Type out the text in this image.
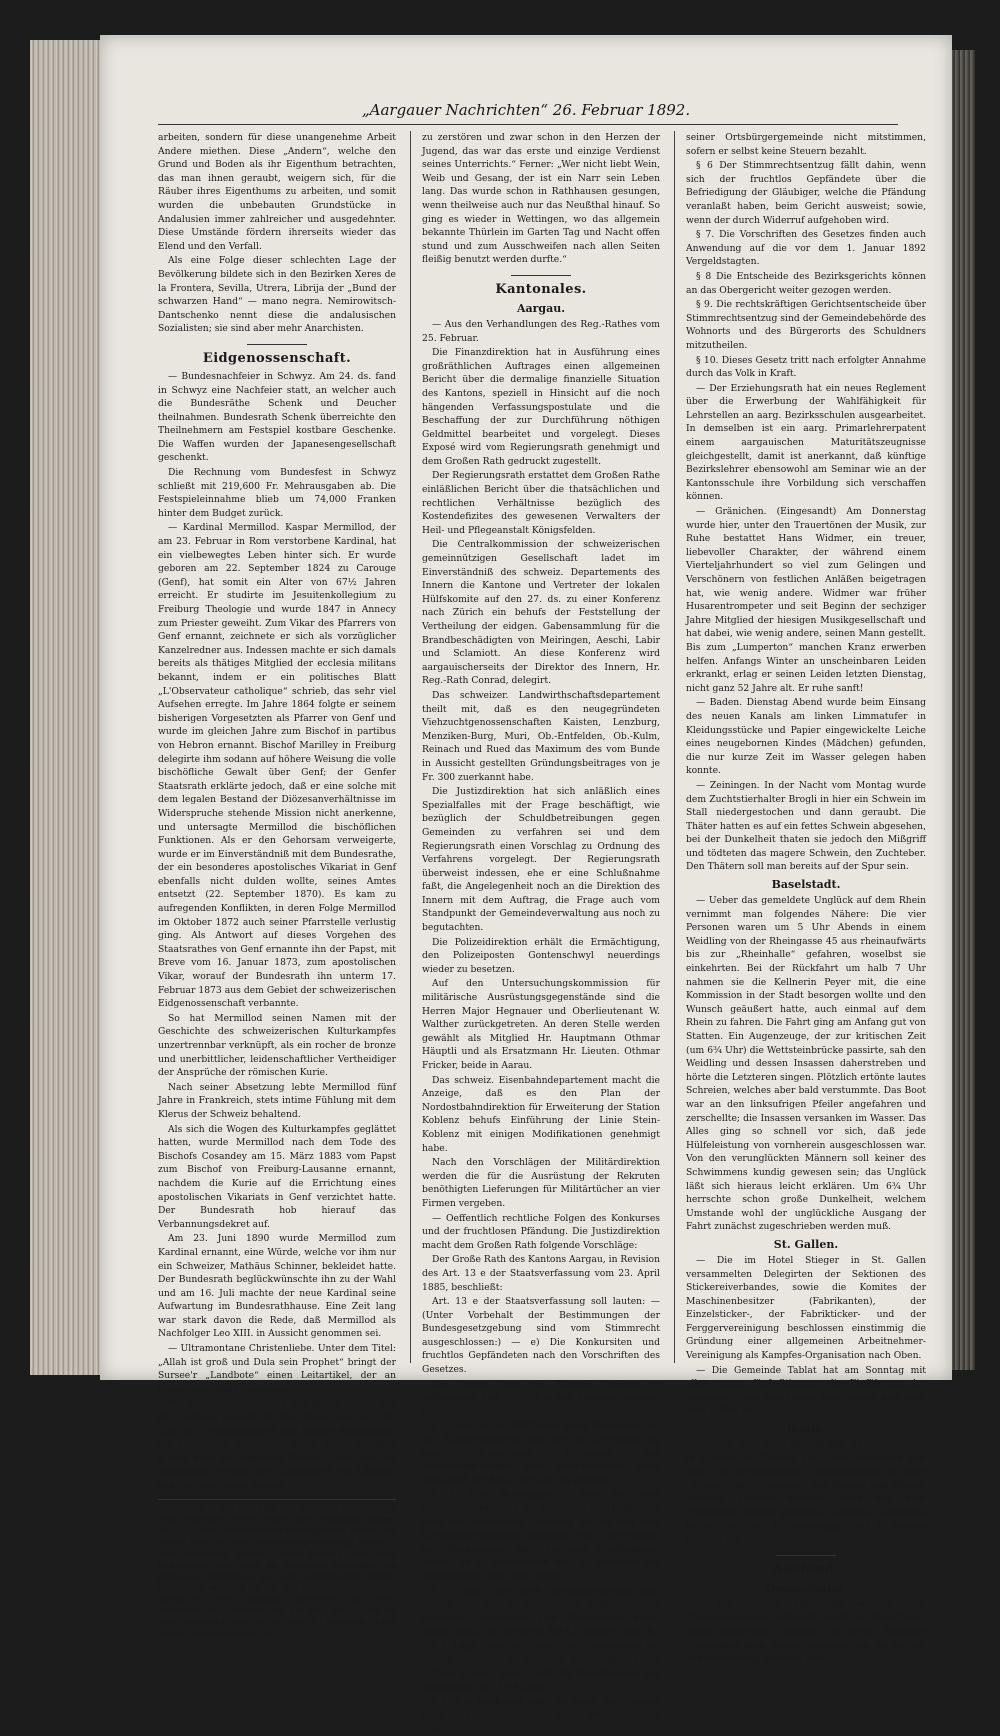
„Aargauer Nachrichten“ 26. Februar 1892.

arbeiten, sondern für diese unangenehme Arbeit Andere miethen. Diese „Andern“, welche den Grund und Boden als ihr Eigenthum betrachten, das man ihnen geraubt, weigern sich, für die Räuber ihres Eigenthums zu arbeiten, und somit wurden die unbebauten Grundstücke in Andalusien immer zahlreicher und ausgedehnter. Diese Umstände fördern ihrerseits wieder das Elend und den Verfall.

Als eine Folge dieser schlechten Lage der Bevölkerung bildete sich in den Bezirken Xeres de la Frontera, Sevilla, Utrera, Librija der „Bund der schwarzen Hand“ — mano negra. Nemirowitsch-Dantschenko nennt diese die andalusischen Sozialisten; sie sind aber mehr Anarchisten.

Eidgenossenschaft.

— Bundesnachfeier in Schwyz. Am 24. ds. fand in Schwyz eine Nachfeier statt, an welcher auch die Bundesräthe Schenk und Deucher theilnahmen. Bundesrath Schenk überreichte den Theilnehmern am Festspiel kostbare Geschenke. Die Waffen wurden der Japanesengesellschaft geschenkt.

Die Rechnung vom Bundesfest in Schwyz schließt mit 219,600 Fr. Mehrausgaben ab. Die Festspieleinnahme blieb um 74,000 Franken hinter dem Budget zurück.

— Kardinal Mermillod. Kaspar Mermillod, der am 23. Februar in Rom verstorbene Kardinal, hat ein vielbewegtes Leben hinter sich. Er wurde geboren am 22. September 1824 zu Carouge (Genf), hat somit ein Alter von 67½ Jahren erreicht. Er studirte im Jesuitenkollegium zu Freiburg Theologie und wurde 1847 in Annecy zum Priester geweiht. Zum Vikar des Pfarrers von Genf ernannt, zeichnete er sich als vorzüglicher Kanzelredner aus. Indessen machte er sich damals bereits als thätiges Mitglied der ecclesia militans bekannt, indem er ein politisches Blatt „L'Observateur catholique“ schrieb, das sehr viel Aufsehen erregte. Im Jahre 1864 folgte er seinem bisherigen Vorgesetzten als Pfarrer von Genf und wurde im gleichen Jahre zum Bischof in partibus von Hebron ernannt. Bischof Marilley in Freiburg delegirte ihm sodann auf höhere Weisung die volle bischöfliche Gewalt über Genf; der Genfer Staatsrath erklärte jedoch, daß er eine solche mit dem legalen Bestand der Diözesanverhältnisse im Widerspruche stehende Mission nicht anerkenne, und untersagte Mermillod die bischöflichen Funktionen. Als er den Gehorsam verweigerte, wurde er im Einverständniß mit dem Bundesrathe, der ein besonderes apostolisches Vikariat in Genf ebenfalls nicht dulden wollte, seines Amtes entsetzt (22. September 1870). Es kam zu aufregenden Konflikten, in deren Folge Mermillod im Oktober 1872 auch seiner Pfarrstelle verlustig ging. Als Antwort auf dieses Vorgehen des Staatsrathes von Genf ernannte ihn der Papst, mit Breve vom 16. Januar 1873, zum apostolischen Vikar, worauf der Bundesrath ihn unterm 17. Februar 1873 aus dem Gebiet der schweizerischen Eidgenossenschaft verbannte.

So hat Mermillod seinen Namen mit der Geschichte des schweizerischen Kulturkampfes unzertrennbar verknüpft, als ein rocher de bronze und unerbittlicher, leidenschaftlicher Vertheidiger der Ansprüche der römischen Kurie.

Nach seiner Absetzung lebte Mermillod fünf Jahre in Frankreich, stets intime Fühlung mit dem Klerus der Schweiz behaltend.

Als sich die Wogen des Kulturkampfes geglättet hatten, wurde Mermillod nach dem Tode des Bischofs Cosandey am 15. März 1883 vom Papst zum Bischof von Freiburg-Lausanne ernannt, nachdem die Kurie auf die Errichtung eines apostolischen Vikariats in Genf verzichtet hatte. Der Bundesrath hob hierauf das Verbannungsdekret auf.

Am 23. Juni 1890 wurde Mermillod zum Kardinal ernannt, eine Würde, welche vor ihm nur ein Schweizer, Mathäus Schinner, bekleidet hatte. Der Bundesrath beglückwünschte ihn zu der Wahl und am 16. Juli machte der neue Kardinal seine Aufwartung im Bundesrathhause. Eine Zeit lang war stark davon die Rede, daß Mermillod als Nachfolger Leo XIII. in Aussicht genommen sei.

— Ultramontane Christenliebe. Unter dem Titel: „Allah ist groß und Dula sein Prophet“ bringt der Sursee'r „Landbote“ einen Leitartikel, der an Gemeinheit Alles übersteigt.

Wir betonen voraus, daß der ganze Artikel von der Tendenz geleitet ist, die Person des Hrn. Dr. Dula sel. zu beschimpfen und dessen Wirksamkeit als Schulmann herabzuwürdigen. Diese Tendenz gipfelt dann in folgenden Sätzen: „Dula war ein vollendeter Prophet des Unglaubens, ein Läugner des Christenthums. Dieses

Zügel hielt. Er war eine hohe und ritterliche Erscheinung, deren stattlicher Wuchs durch den kleidsamen Jockey-Anzug auf das Vortheilhafteste hervorgehoben wurde, und dessen hübsche, offene Gesichtszüge unbedingt Jeden für sich einnehmen mußten. Seine Haltung und seine Bewegungen verriethen die vollendete Sicherheit des geborenen Edelmannes, und seine wohlklingende Stimme hatte jetzt, während er mit den Untergebenen sprach, nichts von jener näselnden Affectation und jenem widerwärtigen Schnarren, das ein Theil der Jugend bei einer gewissen Classe von Offizieren für ein unerläßliches Attribut der Vornehmheit gilt.

zu zerstören und zwar schon in den Herzen der Jugend, das war das erste und einzige Verdienst seines Unterrichts.“ Ferner: „Wer nicht liebt Wein, Weib und Gesang, der ist ein Narr sein Leben lang. Das wurde schon in Rathhausen gesungen, wenn theilweise auch nur das Neußthal hinauf. So ging es wieder in Wettingen, wo das allgemein bekannte Thürlein im Garten Tag und Nacht offen stund und zum Ausschweifen nach allen Seiten fleißig benutzt werden durfte.“

Kantonales.
Aargau.

— Aus den Verhandlungen des Reg.-Rathes vom 25. Februar.

Die Finanzdirektion hat in Ausführung eines großräthlichen Auftrages einen allgemeinen Bericht über die dermalige finanzielle Situation des Kantons, speziell in Hinsicht auf die noch hängenden Verfassungspostulate und die Beschaffung der zur Durchführung nöthigen Geldmittel bearbeitet und vorgelegt. Dieses Exposé wird vom Regierungsrath genehmigt und dem Großen Rath gedruckt zugestellt.

Der Regierungsrath erstattet dem Großen Rathe einläßlichen Bericht über die thatsächlichen und rechtlichen Verhältnisse bezüglich des Kostendefizites des gewesenen Verwalters der Heil- und Pflegeanstalt Königsfelden.

Die Centralkommission der schweizerischen gemeinnützigen Gesellschaft ladet im Einverständniß des schweiz. Departements des Innern die Kantone und Vertreter der lokalen Hülfskomite auf den 27. ds. zu einer Konferenz nach Zürich ein behufs der Feststellung der Vertheilung der eidgen. Gabensammlung für die Brandbeschädigten von Meiringen, Aeschi, Labir und Sclamiott. An diese Konferenz wird aargauischerseits der Direktor des Innern, Hr. Reg.-Rath Conrad, delegirt.

Das schweizer. Landwirthschaftsdepartement theilt mit, daß es den neugegründeten Viehzuchtgenossenschaften Kaisten, Lenzburg, Menziken-Burg, Muri, Ob.-Entfelden, Ob.-Kulm, Reinach und Rued das Maximum des vom Bunde in Aussicht gestellten Gründungsbeitrages von je Fr. 300 zuerkannt habe.

Die Justizdirektion hat sich anläßlich eines Spezialfalles mit der Frage beschäftigt, wie bezüglich der Schuldbetreibungen gegen Gemeinden zu verfahren sei und dem Regierungsrath einen Vorschlag zu Ordnung des Verfahrens vorgelegt. Der Regierungsrath überweist indessen, ehe er eine Schlußnahme faßt, die Angelegenheit noch an die Direktion des Innern mit dem Auftrag, die Frage auch vom Standpunkt der Gemeindeverwaltung aus noch zu begutachten.

Die Polizeidirektion erhält die Ermächtigung, den Polizeiposten Gontenschwyl neuerdings wieder zu besetzen.

Auf den Untersuchungskommission für militärische Ausrüstungsgegenstände sind die Herren Major Hegnauer und Oberlieutenant W. Walther zurückgetreten. An deren Stelle werden gewählt als Mitglied Hr. Hauptmann Othmar Häuptli und als Ersatzmann Hr. Lieuten. Othmar Fricker, beide in Aarau.

Das schweiz. Eisenbahndepartement macht die Anzeige, daß es den Plan der Nordostbahndirektion für Erweiterung der Station Koblenz behufs Einführung der Linie Stein-Koblenz mit einigen Modifikationen genehmigt habe.

Nach den Vorschlägen der Militärdirektion werden die für die Ausrüstung der Rekruten benöthigten Lieferungen für Militärtücher an vier Firmen vergeben.

— Oeffentlich rechtliche Folgen des Konkurses und der fruchtlosen Pfändung. Die Justizdirektion macht dem Großen Rath folgende Vorschläge:

Der Große Rath des Kantons Aargau, in Revision des Art. 13 e der Staatsverfassung vom 23. April 1885, beschließt:

Art. 13 e der Staatsverfassung soll lauten: — (Unter Vorbehalt der Bestimmungen der Bundesgesetzgebung sind vom Stimmrecht ausgeschlossen:) — e) Die Konkursiten und fruchtlos Gepfändeten nach den Vorschriften des Gesetzes.

Der Große Rath des Kantons Aargau, in Vollziehung von Art. 13 e der Staatsverfassung, beschließt:

§ 1. Von der Durchführung eines Konkurses hat der Konkursbeamte, und von der Durchführung einer fruchtlosen Pfändung der Betreibungsbeamte dem Bezirksgericht unter Beischluß der Akten Anzeige zu machen.

§ 2. Das Bezirksgericht wird auf dem Untersuchungswege die Ursachen des Konkurses oder der fruchtlosen Pfändung prüfen und eine Gerichtsverhandlung anordnen zur Einvernahme der Konkursiten oder fruchtlos Gepfändeten, worauf es zu entscheiden hat, ob dieselben ein Verschulden treffe oder nicht.

§ 3. Liegt nach dem Gerichtsentscheid kein Verschulden vor, so verliert der Konkursit oder fruchtlos Gepfändete sein Stimmrecht nicht, soweit nicht die Vorschrift des § 5 hienach zutrifft.

§ 4. Liegt aber nach dem Gerichtsentscheid ein Verschulden vor, so entzieht der Richter durch Urtheil je nach dem Grade des Verschuldens das Stimmrecht auf 1—6 Jahre.

§ 5. Ein Konkursit oder fruchtlos Gepfändeter kann bei Steuerbeschlüssen seiner Wohngemeinde und

seiner Ortsbürgergemeinde nicht mitstimmen, sofern er selbst keine Steuern bezahlt.

§ 6 Der Stimmrechtsentzug fällt dahin, wenn sich der fruchtlos Gepfändete über die Befriedigung der Gläubiger, welche die Pfändung veranlaßt haben, beim Gericht ausweist; sowie, wenn der durch Widerruf aufgehoben wird.

§ 7. Die Vorschriften des Gesetzes finden auch Anwendung auf die vor dem 1. Januar 1892 Vergeldstagten.

§ 8 Die Entscheide des Bezirksgerichts können an das Obergericht weiter gezogen werden.

§ 9. Die rechtskräftigen Gerichtsentscheide über Stimmrechtsentzug sind der Gemeindebehörde des Wohnorts und des Bürgerorts des Schuldners mitzutheilen.

§ 10. Dieses Gesetz tritt nach erfolgter Annahme durch das Volk in Kraft.

— Der Erziehungsrath hat ein neues Reglement über die Erwerbung der Wahlfähigkeit für Lehrstellen an aarg. Bezirksschulen ausgearbeitet. In demselben ist ein aarg. Primarlehrerpatent einem aargauischen Maturitätszeugnisse gleichgestellt, damit ist anerkannt, daß künftige Bezirkslehrer ebensowohl am Seminar wie an der Kantonsschule ihre Vorbildung sich verschaffen können.

— Gränichen. (Eingesandt) Am Donnerstag wurde hier, unter den Trauertönen der Musik, zur Ruhe bestattet Hans Widmer, ein treuer, liebevoller Charakter, der während einem Vierteljahrhundert so viel zum Gelingen und Verschönern von festlichen Anläßen beigetragen hat, wie wenig andere. Widmer war früher Husarentrompeter und seit Beginn der sechziger Jahre Mitglied der hiesigen Musikgesellschaft und hat dabei, wie wenig andere, seinen Mann gestellt. Bis zum „Lumperton“ manchen Kranz erwerben helfen. Anfangs Winter an unscheinbaren Leiden erkrankt, erlag er seinen Leiden letzten Dienstag, nicht ganz 52 Jahre alt. Er ruhe sanft!

— Baden. Dienstag Abend wurde beim Einsang des neuen Kanals am linken Limmatufer in Kleidungsstücke und Papier eingewickelte Leiche eines neugebornen Kindes (Mädchen) gefunden, die nur kurze Zeit im Wasser gelegen haben konnte.

— Zeiningen. In der Nacht vom Montag wurde dem Zuchtstierhalter Brogli in hier ein Schwein im Stall niedergestochen und dann geraubt. Die Thäter hatten es auf ein fettes Schwein abgesehen, bei der Dunkelheit thaten sie jedoch den Mißgriff und tödteten das magere Schwein, den Zuchteber. Den Thätern soll man bereits auf der Spur sein.

Baselstadt.

— Ueber das gemeldete Unglück auf dem Rhein vernimmt man folgendes Nähere: Die vier Personen waren um 5 Uhr Abends in einem Weidling von der Rheingasse 45 aus rheinaufwärts bis zur „Rheinhalle“ gefahren, woselbst sie einkehrten. Bei der Rückfahrt um halb 7 Uhr nahmen sie die Kellnerin Peyer mit, die eine Kommission in der Stadt besorgen wollte und den Wunsch geäußert hatte, auch einmal auf dem Rhein zu fahren. Die Fahrt ging am Anfang gut von Statten. Ein Augenzeuge, der zur kritischen Zeit (um 6¾ Uhr) die Wettsteinbrücke passirte, sah den Weidling und dessen Insassen daherstreben und hörte die Letzteren singen. Plötzlich ertönte lautes Schreien, welches aber bald verstummte. Das Boot war an den linksufrigen Pfeiler angefahren und zerschellte; die Insassen versanken im Wasser. Das Alles ging so schnell vor sich, daß jede Hülfeleistung von vornherein ausgeschlossen war. Von den verunglückten Männern soll keiner des Schwimmens kundig gewesen sein; das Unglück läßt sich hieraus leicht erklären. Um 6¾ Uhr herrschte schon große Dunkelheit, welchem Umstande wohl der unglückliche Ausgang der Fahrt zunächst zugeschrieben werden muß.

St. Gallen.

— Die im Hotel Stieger in St. Gallen versammelten Delegirten der Sektionen des Stickereiverbandes, sowie die Komites der Maschinenbesitzer (Fabrikanten), der Einzelsticker-, der Fabrikticker- und der Ferggervereinigung beschlossen einstimmig die Gründung einer allgemeinen Arbeitnehmer-Vereinigung als Kampfes-Organisation nach Oben.

— Die Gemeinde Tablat hat am Sonntag mit allen gegen fünf Stimmen die Einführung der unentgeltlichen Beerdigung beschlossen und zwar vom 1. Mai an.

Tessin.

— Alles, was beim Brande des Güterschuppens in Chiasso zu Grunde ging, war versichert und zwar bei verschiedenen Gesellschaften, so beim „Phönix“, der „Helvetia“. Die Kassen und Bücher konnten gerettet werden. Auch was dem Postbureau konnte geflüchtet werden. Ueberdies befand sich ein Petroleumlager und in dessen Nähe — ein Dynamitmagazin.

Ausland.
Deutschland.

— Die neueste Kaiserrede, welche nach Cäsarenwahnsinn schmeckt, macht in Deutschland einen peinlichen Eindruck. In Berlin schienen Arbeitslose dem Kaiser demonstriren zu wollen, wie nothwendig bald das Aus-
